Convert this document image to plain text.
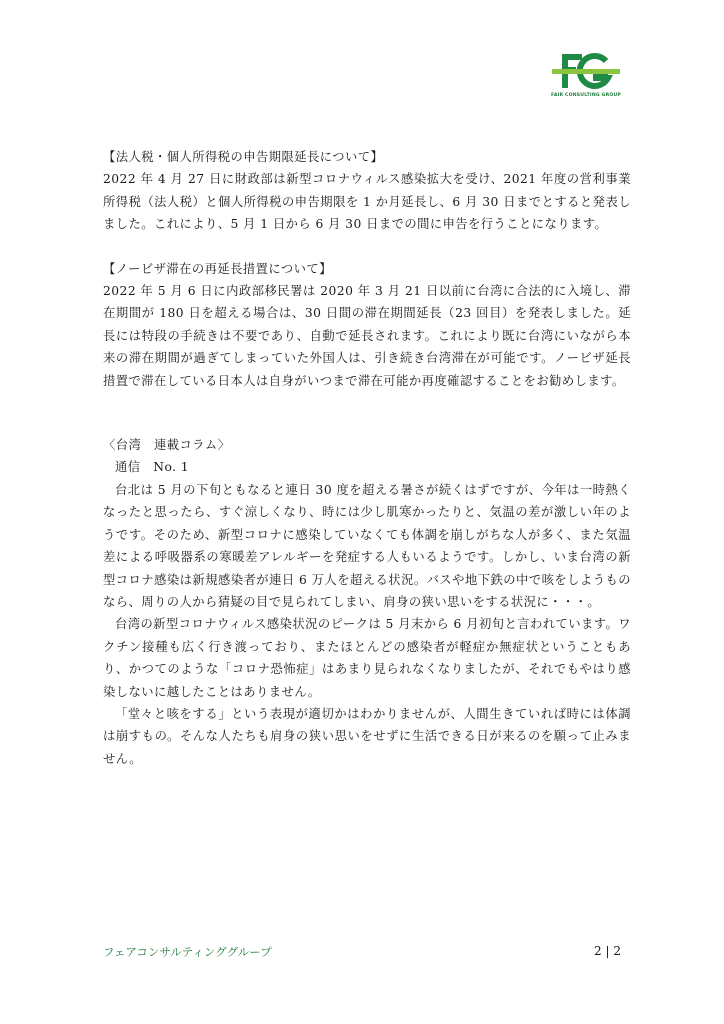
FAIR CONSULTING GROUP

【法人税・個人所得税の申告期限延長について】

2022 年 4 月 27 日に財政部は新型コロナウィルス感染拡大を受け、2021 年度の営利事業所得税（法人税）と個人所得税の申告期限を 1 か月延長し、6 月 30 日までとすると発表しました。これにより、5 月 1 日から 6 月 30 日までの間に申告を行うことになります。

【ノービザ滞在の再延長措置について】

2022 年 5 月 6 日に内政部移民署は 2020 年 3 月 21 日以前に台湾に合法的に入境し、滞在期間が 180 日を超える場合は、30 日間の滞在期間延長（23 回目）を発表しました。延長には特段の手続きは不要であり、自動で延長されます。これにより既に台湾にいながら本来の滞在期間が過ぎてしまっていた外国人は、引き続き台湾滞在が可能です。ノービザ延長措置で滞在している日本人は自身がいつまで滞在可能か再度確認することをお勧めします。

〈台湾　連載コラム〉

通信　No. 1

台北は 5 月の下旬ともなると連日 30 度を超える暑さが続くはずですが、今年は一時熱くなったと思ったら、すぐ涼しくなり、時には少し肌寒かったりと、気温の差が激しい年のようです。そのため、新型コロナに感染していなくても体調を崩しがちな人が多く、また気温差による呼吸器系の寒暖差アレルギーを発症する人もいるようです。しかし、いま台湾の新型コロナ感染は新規感染者が連日 6 万人を超える状況。バスや地下鉄の中で咳をしようものなら、周りの人から猜疑の目で見られてしまい、肩身の狭い思いをする状況に・・・。

台湾の新型コロナウィルス感染状況のピークは 5 月末から 6 月初旬と言われています。ワクチン接種も広く行き渡っており、またほとんどの感染者が軽症か無症状ということもあり、かつてのような「コロナ恐怖症」はあまり見られなくなりましたが、それでもやはり感染しないに越したことはありません。

「堂々と咳をする」という表現が適切かはわかりませんが、人間生きていれば時には体調は崩すもの。そんな人たちも肩身の狭い思いをせずに生活できる日が来るのを願って止みません。

フェアコンサルティンググループ	2 | 2
